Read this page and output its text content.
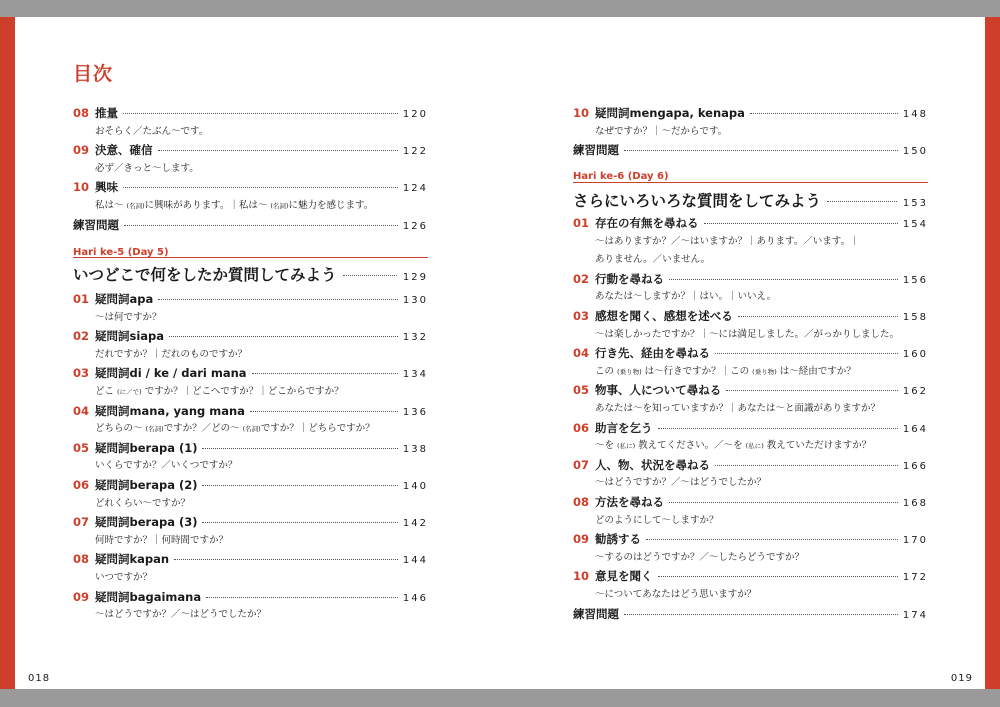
目次
08 推量	120
おそらく／たぶん〜です。
09 決意、確信	122
必ず／きっと〜します。
10 興味	124
私は〜 (名詞)に興味があります。｜私は〜 (名詞)に魅力を感じます。
練習問題	126
Hari ke-5 (Day 5)
いつどこで何をしたか質問してみよう	129
01 疑問詞apa	130
〜は何ですか？
02 疑問詞siapa	132
だれですか？｜だれのものですか？
03 疑問詞di / ke / dari mana	134
どこ (に／で) ですか？｜どこへですか？｜どこからですか？
04 疑問詞mana, yang mana	136
どちらの〜 (名詞)ですか？／どの〜 (名詞)ですか？｜どちらですか？
05 疑問詞berapa (1)	138
いくらですか？／いくつですか？
06 疑問詞berapa (2)	140
どれくらい〜ですか？
07 疑問詞berapa (3)	142
何時ですか？｜何時間ですか？
08 疑問詞kapan	144
いつですか？
09 疑問詞bagaimana	146
〜はどうですか？／〜はどうでしたか？
018
10 疑問詞mengapa, kenapa	148
なぜですか？｜〜だからです。
練習問題	150
Hari ke-6 (Day 6)
さらにいろいろな質問をしてみよう	153
01 存在の有無を尋ねる	154
〜はありますか？／〜はいますか？｜あります。／います。｜
ありません。／いません。
02 行動を尋ねる	156
あなたは〜しますか？｜はい。｜いいえ。
03 感想を聞く、感想を述べる	158
〜は楽しかったですか？｜〜には満足しました。／がっかりしました。
04 行き先、経由を尋ねる	160
この (乗り物) は〜行きですか？｜この (乗り物) は〜経由ですか？
05 物事、人について尋ねる	162
あなたは〜を知っていますか？｜あなたは〜と面識がありますか？
06 助言を乞う	164
〜を (私に) 教えてください。／〜を (私に) 教えていただけますか？
07 人、物、状況を尋ねる	166
〜はどうですか？／〜はどうでしたか？
08 方法を尋ねる	168
どのようにして〜しますか？
09 勧誘する	170
〜するのはどうですか？／〜したらどうですか？
10 意見を聞く	172
〜についてあなたはどう思いますか？
練習問題	174
019
